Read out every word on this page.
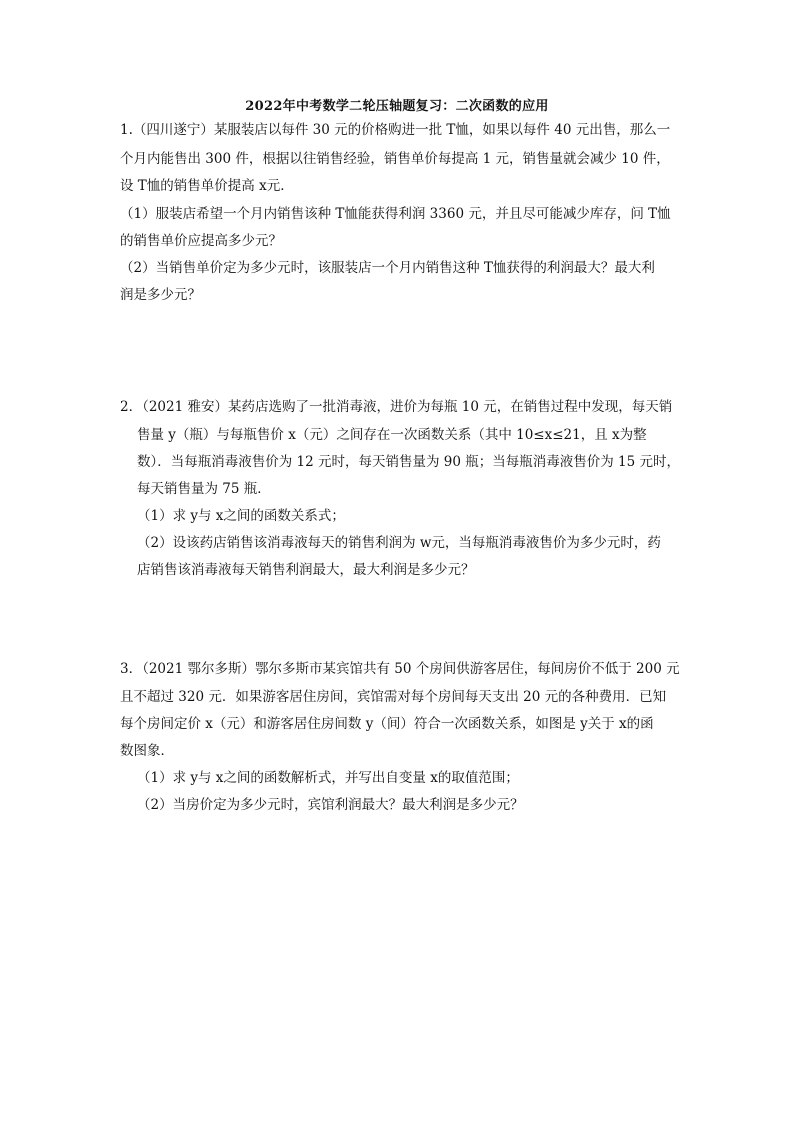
2022年中考数学二轮压轴题复习：二次函数的应用
1.（四川遂宁）某服装店以每件 30 元的价格购进一批 T恤，如果以每件 40 元出售，那么一
个月内能售出 300 件，根据以往销售经验，销售单价每提高 1 元，销售量就会减少 10 件，
设 T恤的销售单价提高 x元．
（1）服装店希望一个月内销售该种 T恤能获得利润 3360 元，并且尽可能减少库存，问 T恤
的销售单价应提高多少元？
（2）当销售单价定为多少元时，该服装店一个月内销售这种 T恤获得的利润最大？最大利
润是多少元？
2．（2021 雅安）某药店选购了一批消毒液，进价为每瓶 10 元，在销售过程中发现，每天销
售量 y（瓶）与每瓶售价 x（元）之间存在一次函数关系（其中 10≤x≤21，且 x为整
数）．当每瓶消毒液售价为 12 元时，每天销售量为 90 瓶；当每瓶消毒液售价为 15 元时，
每天销售量为 75 瓶．
（1）求 y与 x之间的函数关系式；
（2）设该药店销售该消毒液每天的销售利润为 w元，当每瓶消毒液售价为多少元时，药
店销售该消毒液每天销售利润最大，最大利润是多少元？
3．（2021 鄂尔多斯）鄂尔多斯市某宾馆共有 50 个房间供游客居住，每间房价不低于 200 元
且不超过 320 元．如果游客居住房间，宾馆需对每个房间每天支出 20 元的各种费用．已知
每个房间定价 x（元）和游客居住房间数 y（间）符合一次函数关系，如图是 y关于 x的函
数图象．
（1）求 y与 x之间的函数解析式，并写出自变量 x的取值范围；
（2）当房价定为多少元时，宾馆利润最大？最大利润是多少元？
